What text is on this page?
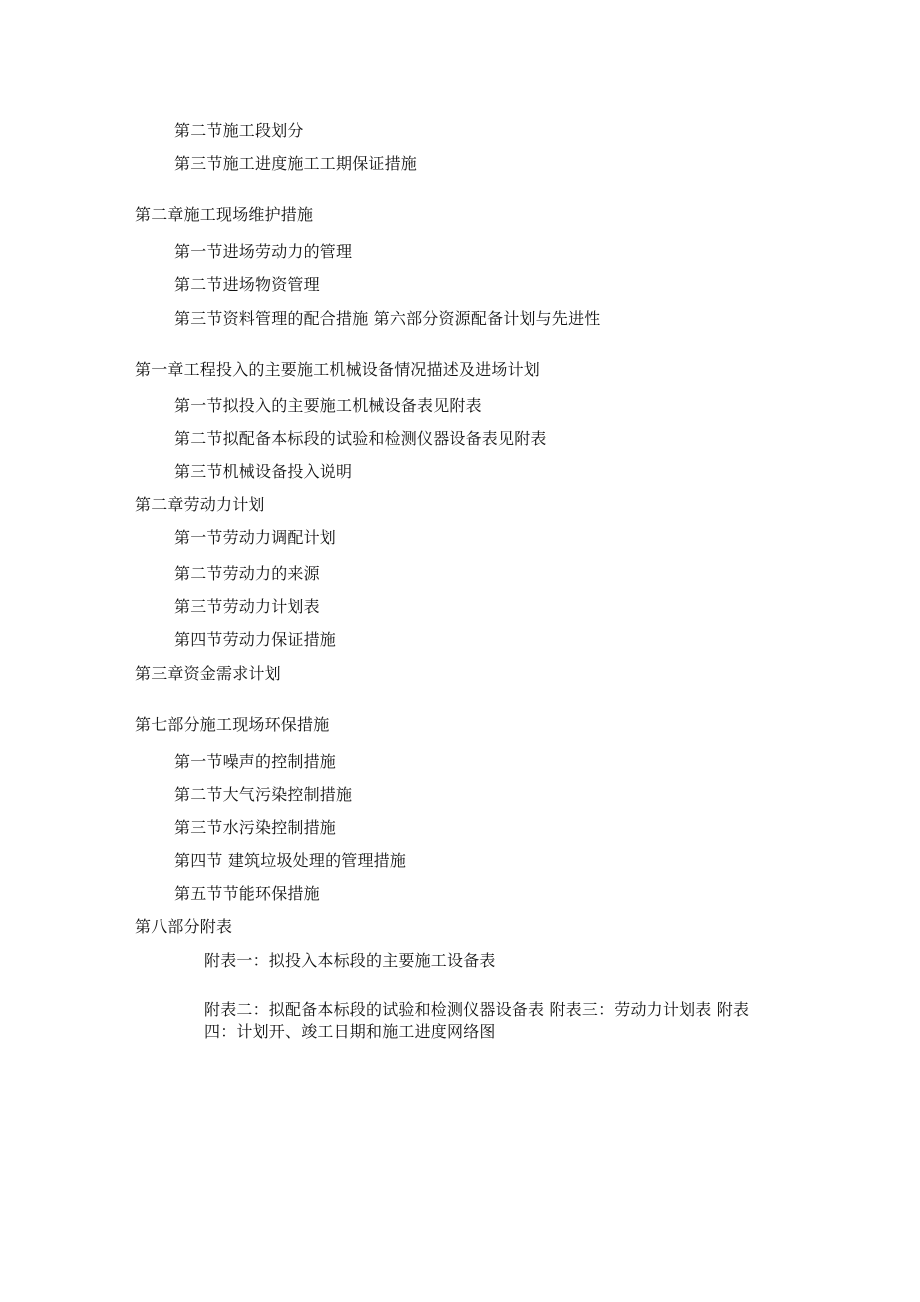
第二节施工段划分
第三节施工进度施工工期保证措施
第二章施工现场维护措施
第一节进场劳动力的管理
第二节进场物资管理
第三节资料管理的配合措施 第六部分资源配备计划与先进性
第一章工程投入的主要施工机械设备情况描述及进场计划
第一节拟投入的主要施工机械设备表见附表
第二节拟配备本标段的试验和检测仪器设备表见附表
第三节机械设备投入说明
第二章劳动力计划
第一节劳动力调配计划
第二节劳动力的来源
第三节劳动力计划表
第四节劳动力保证措施
第三章资金需求计划
第七部分施工现场环保措施
第一节噪声的控制措施
第二节大气污染控制措施
第三节水污染控制措施
第四节 建筑垃圾处理的管理措施
第五节节能环保措施
第八部分附表
附表一：拟投入本标段的主要施工设备表
附表二：拟配备本标段的试验和检测仪器设备表 附表三：劳动力计划表 附表
四：计划开、竣工日期和施工进度网络图
